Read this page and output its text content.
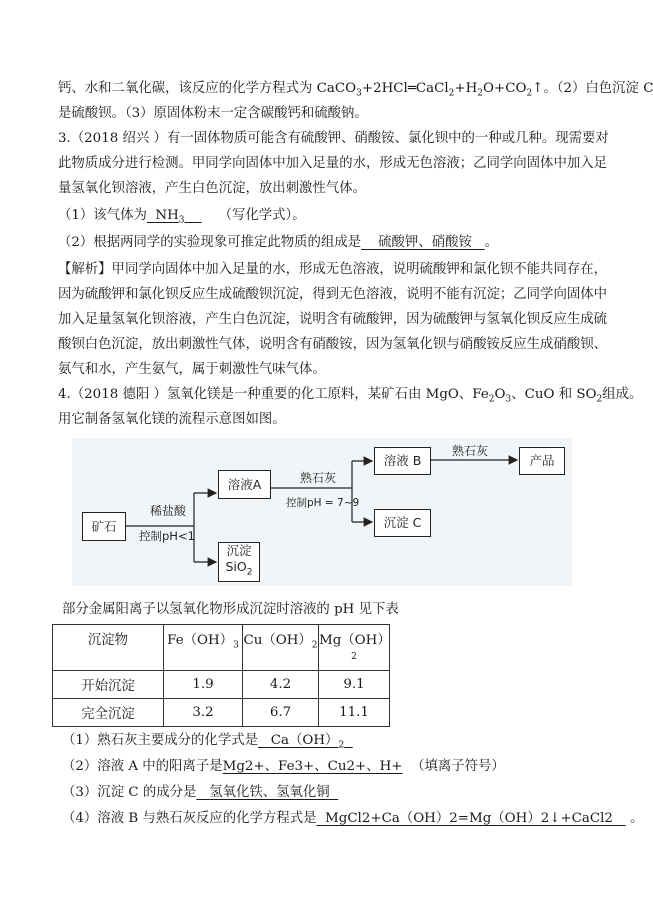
钙、水和二氧化碳，该反应的化学方程式为 $CaCO_3+2HCl═CaCl_2+H_2O+CO_2↑$。（2）白色沉淀 C
是硫酸钡。（3）原固体粉末一定含碳酸钙和硫酸钠。
3.（2018 绍兴 ）有一固体物质可能含有硫酸钾、硝酸铵、氯化钡中的一种或几种。现需要对
此物质成分进行检测。甲同学向固体中加入足量的水，形成无色溶液；乙同学向固体中加入足
量氢氧化钡溶液，产生白色沉淀，放出刺激性气体。
（1）该气体为 $NH_3$	（写化学式）。
（2）根据两同学的实验现象可推定此物质的组成是 硫酸钾、硝酸铵 。
【解析】甲同学向固体中加入足量的水，形成无色溶液，说明硫酸钾和氯化钡不能共同存在，
因为硫酸钾和氯化钡反应生成硫酸钡沉淀，得到无色溶液，说明不能有沉淀；乙同学向固体中
加入足量氢氧化钡溶液，产生白色沉淀，说明含有硫酸钾，因为硫酸钾与氢氧化钡反应生成硫
酸钡白色沉淀，放出刺激性气体，说明含有硝酸铵，因为氢氧化钡与硝酸铵反应生成硝酸钡、
氨气和水，产生氨气，属于刺激性气味气体。
4.（2018 德阳 ）氢氧化镁是一种重要的化工原料，某矿石由 MgO、$Fe_2O_3$、CuO 和 $SO_2$组成。
用它制备氢氧化镁的流程示意图如图。
矿石
稀盐酸
控制pH<1
溶液A
沉淀
SiO$_2$
熟石灰
控制pH = 7~9
溶液 B
沉淀 C
熟石灰
产品
部分金属阳离子以氢氧化物形成沉淀时溶液的 pH 见下表
沉淀物	$Fe(OH)_3$	$Cu(OH)_2$	Mg（OH）
2

开始沉淀	1.9	4.2	9.1
完全沉淀	3.2	6.7	11.1
（1）熟石灰主要成分的化学式是 $Ca(OH)_2$
（2）溶液 A 中的阳离子是Mg2+、Fe3+、Cu2+、H+ （填离子符号）
（3）沉淀 C 的成分是 氢氧化铁、氢氧化铜
（4）溶液 B 与熟石灰反应的化学方程式是 MgCl2+Ca（OH）2=Mg（OH）2↓+CaCl2 。
